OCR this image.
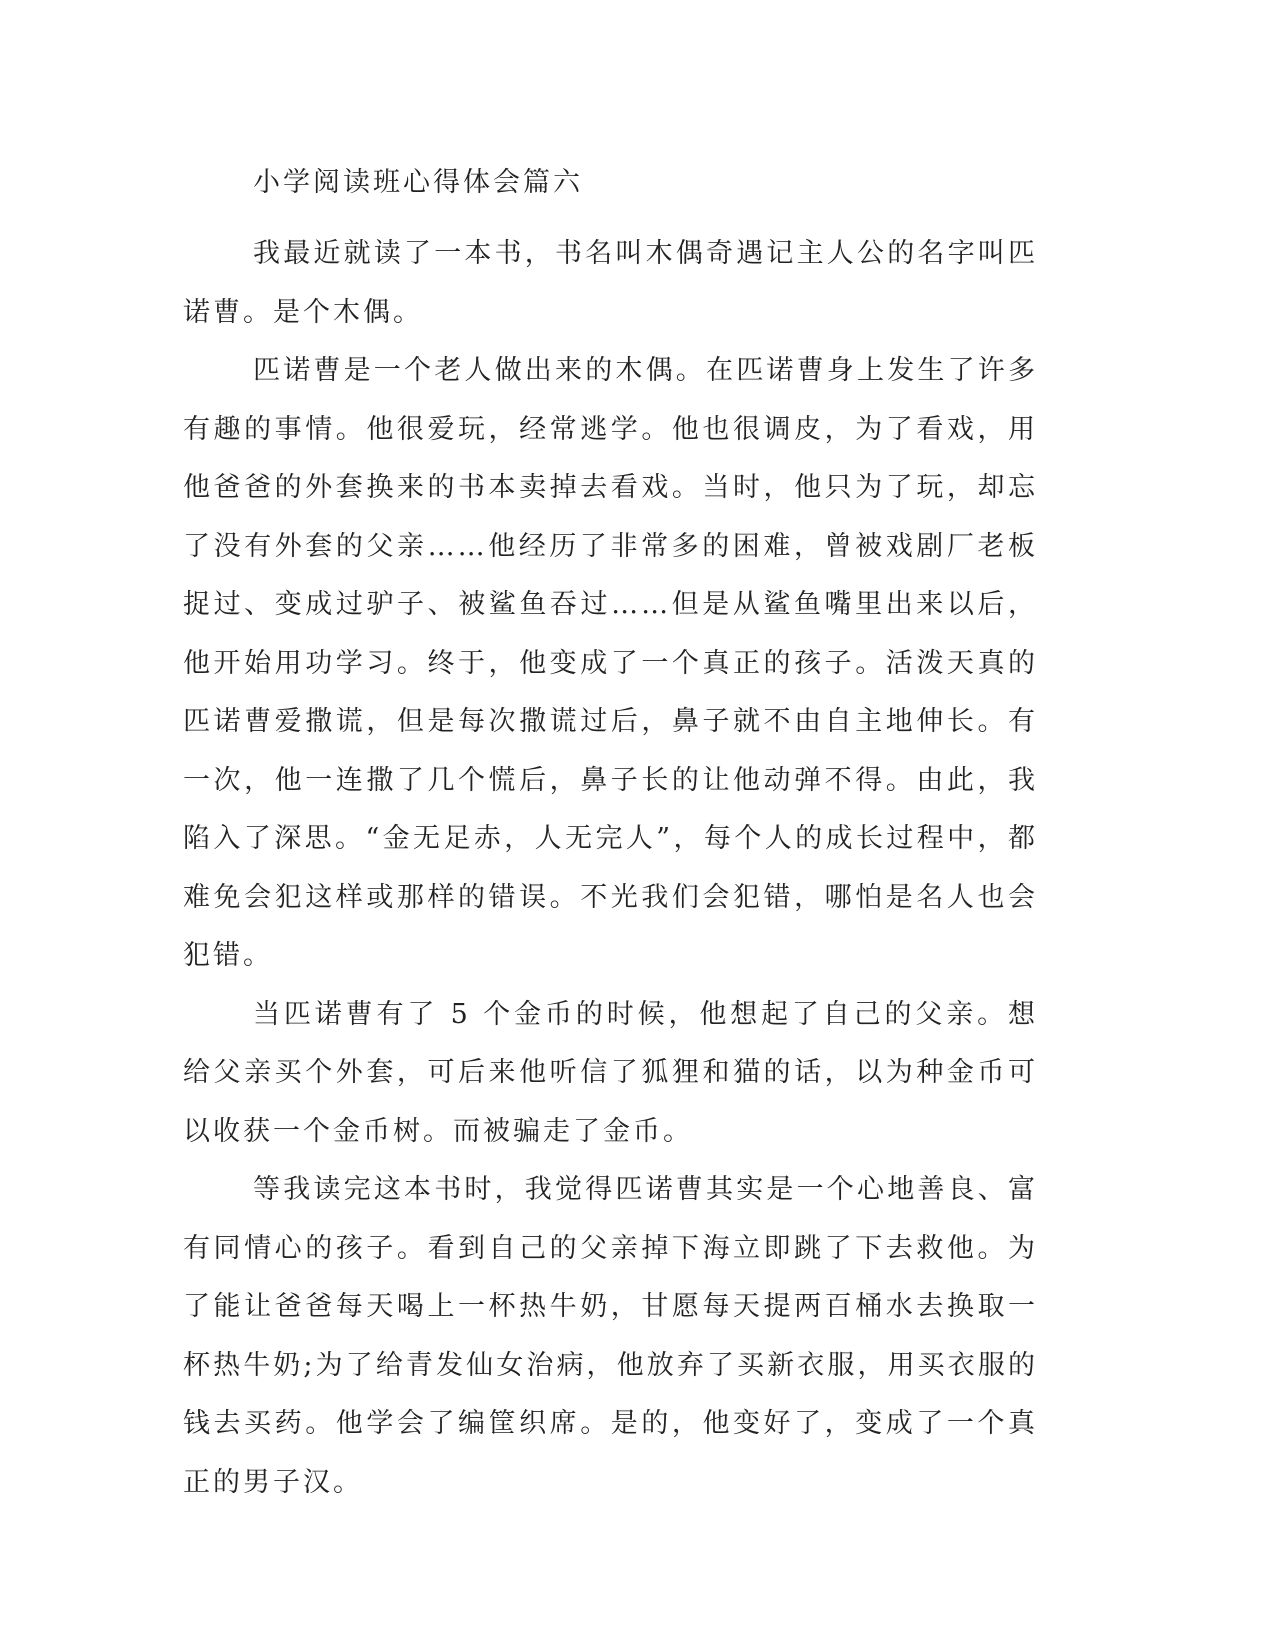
小学阅读班心得体会篇六

我最近就读了一本书，书名叫木偶奇遇记主人公的名字叫匹诺曹。是个木偶。

匹诺曹是一个老人做出来的木偶。在匹诺曹身上发生了许多有趣的事情。他很爱玩，经常逃学。他也很调皮，为了看戏，用他爸爸的外套换来的书本卖掉去看戏。当时，他只为了玩，却忘了没有外套的父亲……他经历了非常多的困难，曾被戏剧厂老板捉过、变成过驴子、被鲨鱼吞过……但是从鲨鱼嘴里出来以后，他开始用功学习。终于，他变成了一个真正的孩子。活泼天真的匹诺曹爱撒谎，但是每次撒谎过后，鼻子就不由自主地伸长。有一次，他一连撒了几个慌后，鼻子长的让他动弹不得。由此，我陷入了深思。“金无足赤，人无完人”，每个人的成长过程中，都难免会犯这样或那样的错误。不光我们会犯错，哪怕是名人也会犯错。

当匹诺曹有了 5 个金币的时候，他想起了自己的父亲。想给父亲买个外套，可后来他听信了狐狸和猫的话，以为种金币可以收获一个金币树。而被骗走了金币。

等我读完这本书时，我觉得匹诺曹其实是一个心地善良、富有同情心的孩子。看到自己的父亲掉下海立即跳了下去救他。为了能让爸爸每天喝上一杯热牛奶，甘愿每天提两百桶水去换取一杯热牛奶;为了给青发仙女治病，他放弃了买新衣服，用买衣服的钱去买药。他学会了编筐织席。是的，他变好了，变成了一个真正的男子汉。
